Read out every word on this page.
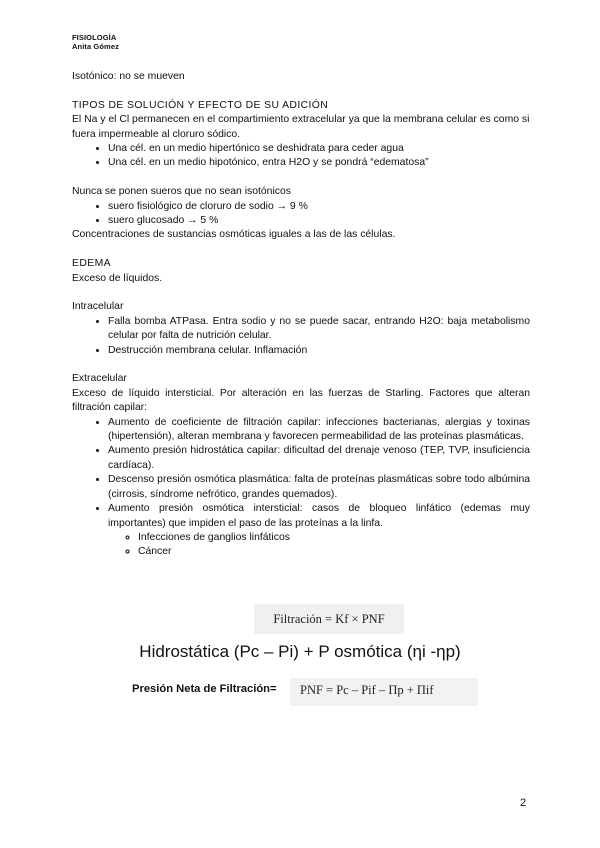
FISIOLOGÍA
Anita Gómez

Isotónico: no se mueven

TIPOS DE SOLUCIÓN Y EFECTO DE SU ADICIÓN

El Na y el Cl permanecen en el compartimiento extracelular ya que la membrana celular es como si fuera impermeable al cloruro sódico.

• Una cél. en un medio hipertónico se deshidrata para ceder agua
• Una cél. en un medio hipotónico, entra H2O y se pondrá “edematosa”

Nunca se ponen sueros que no sean isotónicos

• suero fisiológico de cloruro de sodio → 9 %
• suero glucosado → 5 %

Concentraciones de sustancias osmóticas iguales a las de las células.

EDEMA

Exceso de líquidos.

Intracelular

• Falla bomba ATPasa. Entra sodio y no se puede sacar, entrando H2O: baja metabolismo celular por falta de nutrición celular.
• Destrucción membrana celular. Inflamación

Extracelular

Exceso de líquido intersticial. Por alteración en las fuerzas de Starling. Factores que alteran filtración capilar:

• Aumento de coeficiente de filtración capilar: infecciones bacterianas, alergias y toxinas (hipertensión), alteran membrana y favorecen permeabilidad de las proteínas plasmáticas.
• Aumento presión hidrostática capilar: dificultad del drenaje venoso (TEP, TVP, insuficiencia cardíaca).
• Descenso presión osmótica plasmática: falta de proteínas plasmáticas sobre todo albúmina (cirrosis, síndrome nefrótico, grandes quemados).
• Aumento presión osmótica intersticial: casos de bloqueo linfático (edemas muy importantes) que impiden el paso de las proteínas a la linfa.
◦ Infecciones de ganglios linfáticos
◦ Cáncer
Filtración = Kf × PNF
Hidrostática (Pc – Pi) + P osmótica (ηi -ηp)
Presión Neta de Filtración=	PNF = Pc – Pif – Πp + Πif
2
